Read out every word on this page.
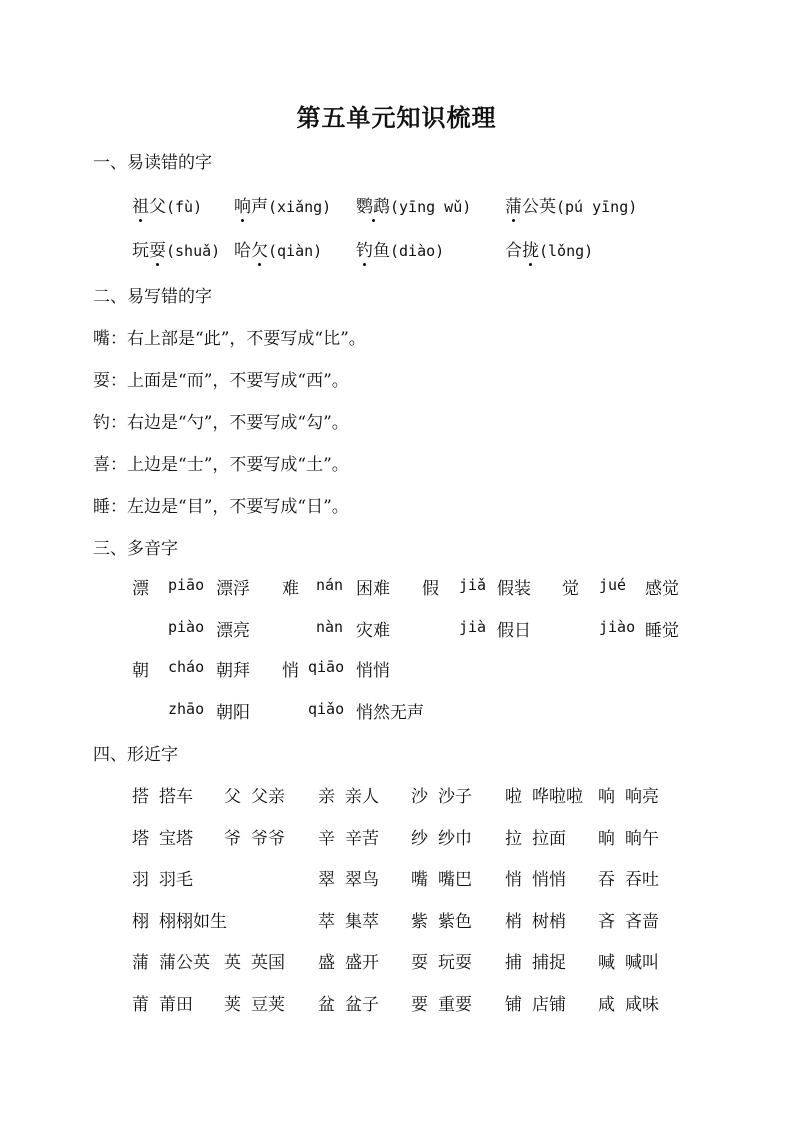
第五单元知识梳理
一、易读错的字
祖父(fù) 响声(xiǎng) 鹦鹉(yīng wǔ) 蒲公英(pú yīng)
玩耍(shuǎ) 哈欠(qiàn) 钓鱼(diào)	合拢(lǒng)
二、易写错的字
嘴：右上部是“此”，不要写成“比”。
耍：上面是“而”，不要写成“西”。
钓：右边是“勺”，不要写成“勾”。
喜：上边是“士”，不要写成“土”。
睡：左边是“目”，不要写成“日”。
三、多音字
漂 piāo 漂浮 难 nán 困难 假 jiǎ 假装 觉 jué 感觉
piào 漂亮	nàn 灾难	jià 假日	jiào 睡觉
朝 cháo 朝拜 悄 qiāo 悄悄
zhāo 朝阳	qiǎo 悄然无声
四、形近字
搭 搭车 父 父亲 亲 亲人 沙 沙子 啦 哗啦啦 响 响亮
塔 宝塔 爷 爷爷 辛 辛苦 纱 纱巾 拉 拉面 晌 晌午
羽 羽毛	翠 翠鸟 嘴 嘴巴 悄 悄悄 吞 吞吐
栩 栩栩如生	萃 集萃 紫 紫色 梢 树梢 吝 吝啬
蒲 蒲公英 英 英国 盛 盛开 耍 玩耍 捕 捕捉 喊 喊叫
莆 莆田 荚 豆荚 盆 盆子 要 重要 铺 店铺 咸 咸味
